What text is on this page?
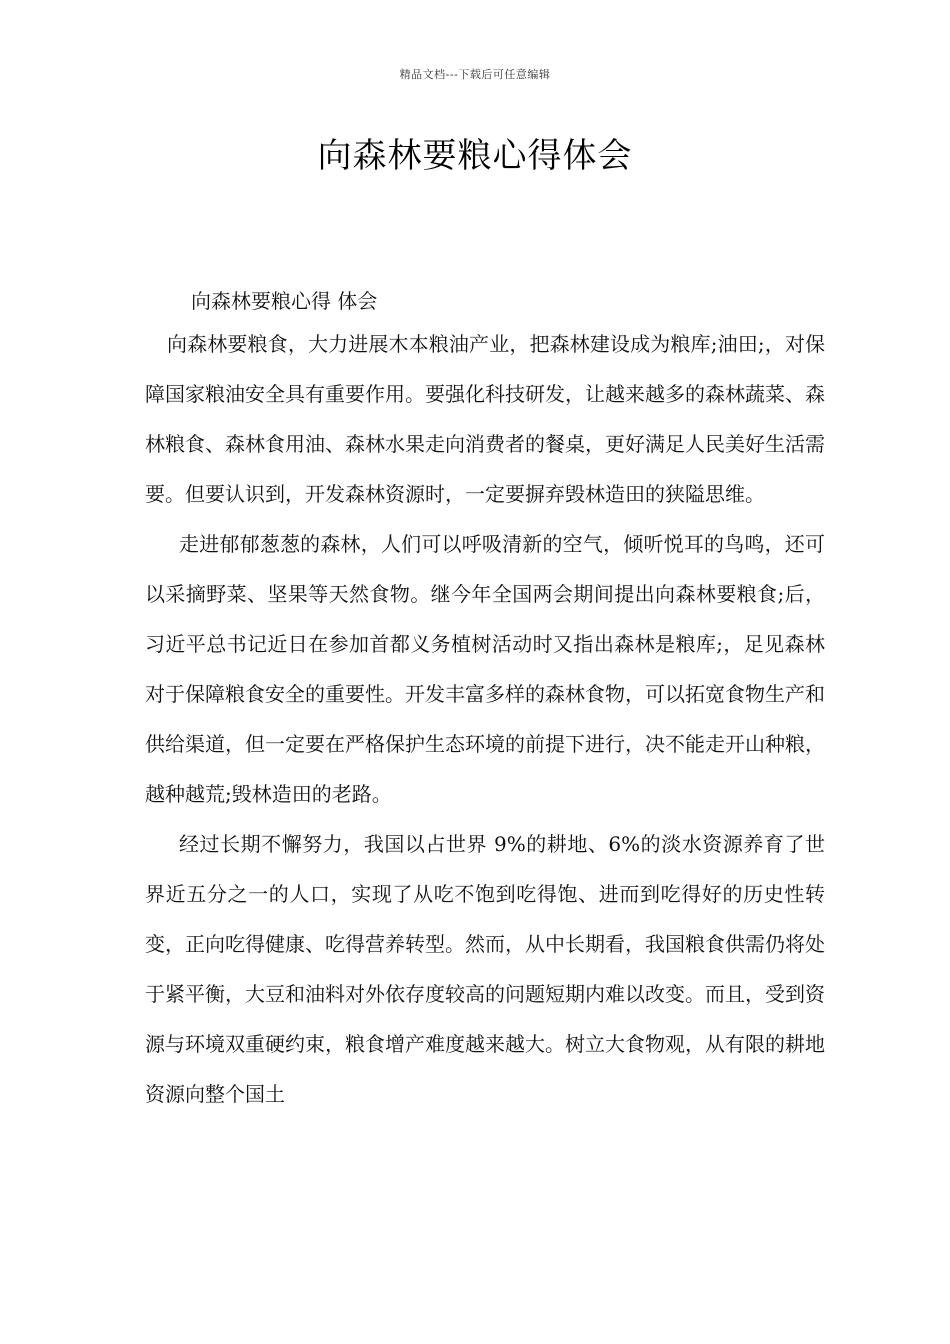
精品文档---下载后可任意编辑
向森林要粮心得体会

向森林要粮心得 体会

向森林要粮食，大力进展木本粮油产业，把森林建设成为粮库;油田;，对保障国家粮油安全具有重要作用。要强化科技研发，让越来越多的森林蔬菜、森林粮食、森林食用油、森林水果走向消费者的餐桌，更好满足人民美好生活需要。但要认识到，开发森林资源时，一定要摒弃毁林造田的狭隘思维。

走进郁郁葱葱的森林，人们可以呼吸清新的空气，倾听悦耳的鸟鸣，还可以采摘野菜、坚果等天然食物。继今年全国两会期间提出向森林要粮食;后，习近平总书记近日在参加首都义务植树活动时又指出森林是粮库;，足见森林对于保障粮食安全的重要性。开发丰富多样的森林食物，可以拓宽食物生产和供给渠道，但一定要在严格保护生态环境的前提下进行，决不能走开山种粮，越种越荒;毁林造田的老路。

经过长期不懈努力，我国以占世界 9%的耕地、6%的淡水资源养育了世界近五分之一的人口，实现了从吃不饱到吃得饱、进而到吃得好的历史性转变，正向吃得健康、吃得营养转型。然而，从中长期看，我国粮食供需仍将处于紧平衡，大豆和油料对外依存度较高的问题短期内难以改变。而且，受到资源与环境双重硬约束，粮食增产难度越来越大。树立大食物观，从有限的耕地资源向整个国土
